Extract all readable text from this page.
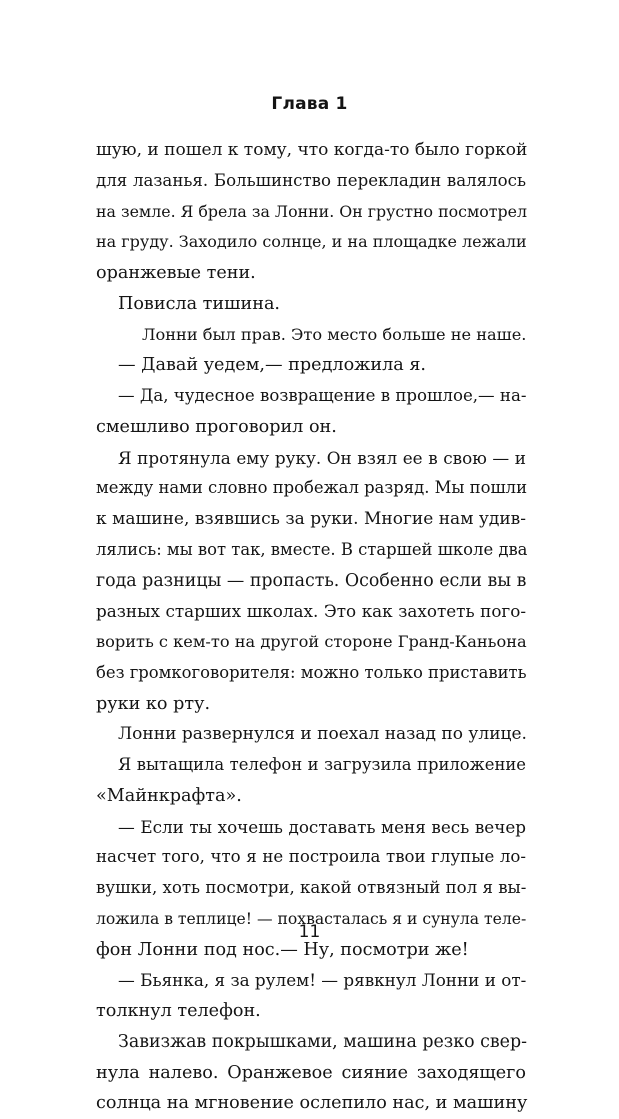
Глава 1
шую, и пошел к тому, что когда-то было горкой
для лазанья. Большинство перекладин валялось
на земле. Я брела за Лонни. Он грустно посмотрел
на груду. Заходило солнце, и на площадке лежали
оранжевые тени.
Повисла тишина.
Лонни был прав. Это место больше не наше.
— Давай уедем,— предложила я.
— Да, чудесное возвращение в прошлое,— на-
смешливо проговорил он.
Я протянула ему руку. Он взял ее в свою — и
между нами словно пробежал разряд. Мы пошли
к машине, взявшись за руки. Многие нам удив-
лялись: мы вот так, вместе. В старшей школе два
года разницы — пропасть. Особенно если вы в
разных старших школах. Это как захотеть пого-
ворить с кем-то на другой стороне Гранд-Каньона
без громкоговорителя: можно только приставить
руки ко рту.
Лонни развернулся и поехал назад по улице.
Я вытащила телефон и загрузила приложение
«Майнкрафта».
— Если ты хочешь доставать меня весь вечер
насчет того, что я не построила твои глупые ло-
вушки, хоть посмотри, какой отвязный пол я вы-
ложила в теплице! — похвасталась я и сунула теле-
фон Лонни под нос.— Ну, посмотри же!
— Бьянка, я за рулем! — рявкнул Лонни и от-
толкнул телефон.
Завизжав покрышками, машина резко свер-
нула налево. Оранжевое сияние заходящего
солнца на мгновение ослепило нас, и машину
11
